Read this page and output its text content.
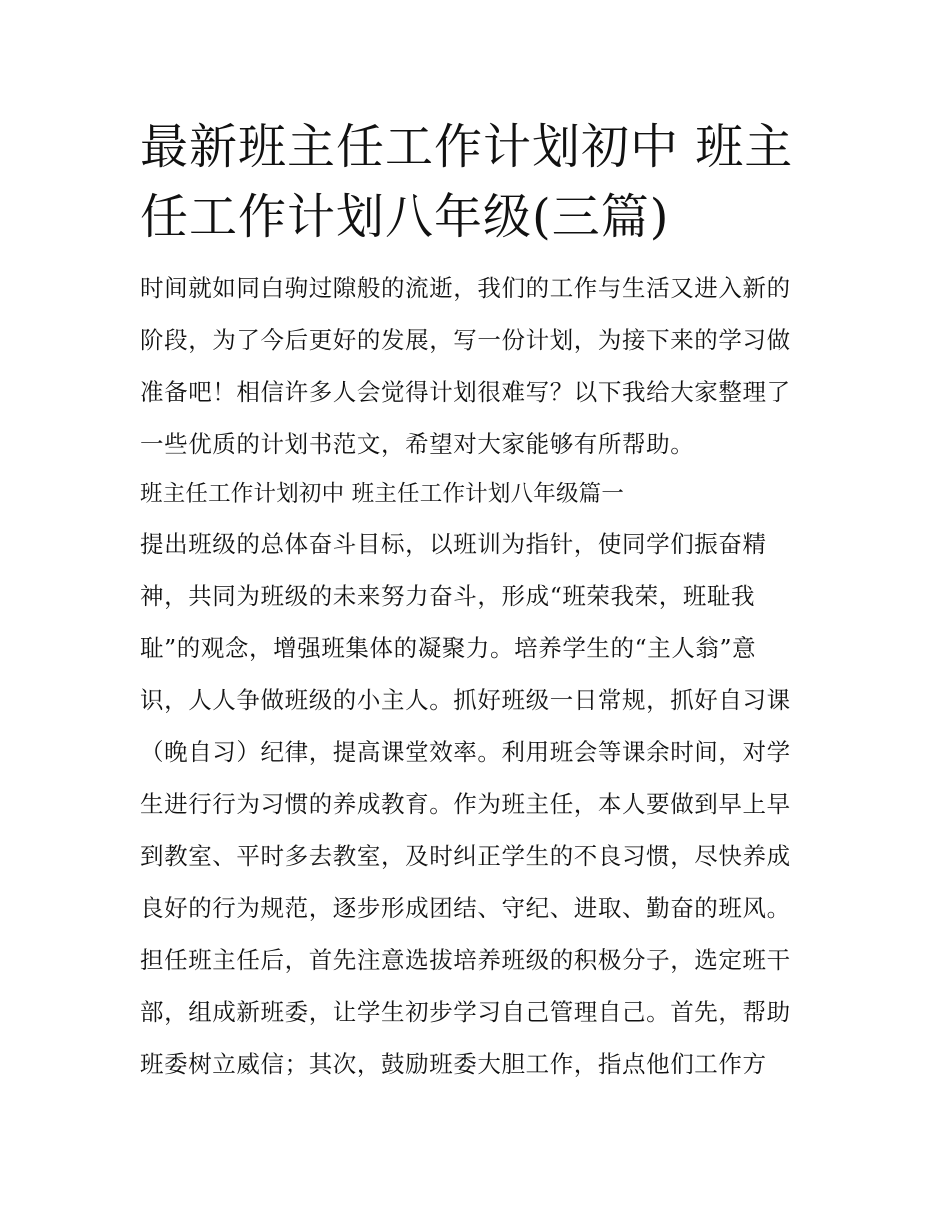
最新班主任工作计划初中 班主
任工作计划八年级(三篇)
时间就如同白驹过隙般的流逝，我们的工作与生活又进入新的
阶段，为了今后更好的发展，写一份计划，为接下来的学习做
准备吧！相信许多人会觉得计划很难写？以下我给大家整理了
一些优质的计划书范文，希望对大家能够有所帮助。
班主任工作计划初中 班主任工作计划八年级篇一
提出班级的总体奋斗目标，以班训为指针，使同学们振奋精
神，共同为班级的未来努力奋斗，形成“班荣我荣，班耻我
耻”的观念，增强班集体的凝聚力。培养学生的“主人翁”意
识，人人争做班级的小主人。抓好班级一日常规，抓好自习课
（晚自习）纪律，提高课堂效率。利用班会等课余时间，对学
生进行行为习惯的养成教育。作为班主任，本人要做到早上早
到教室、平时多去教室，及时纠正学生的不良习惯，尽快养成
良好的行为规范，逐步形成团结、守纪、进取、勤奋的班风。
担任班主任后，首先注意选拔培养班级的积极分子，选定班干
部，组成新班委，让学生初步学习自己管理自己。首先，帮助
班委树立威信；其次，鼓励班委大胆工作，指点他们工作方
